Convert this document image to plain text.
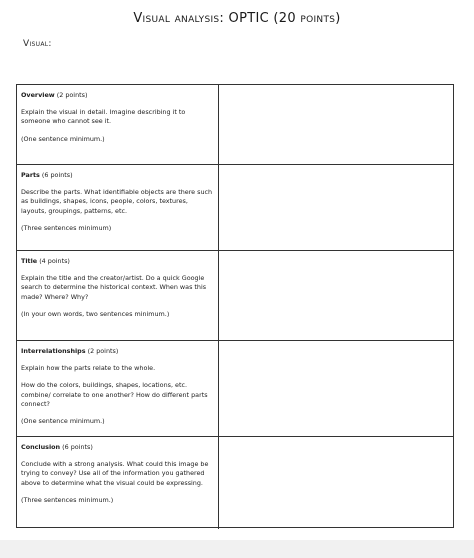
Visual analysis: OPTIC (20 points)
Visual:

Overview (2 points)

Explain the visual in detail. Imagine describing it to someone who cannot see it.

(One sentence minimum.)

Parts (6 points)

Describe the parts. What identifiable objects are there such as buildings, shapes, icons, people, colors, textures, layouts, groupings, patterns, etc.

(Three sentences minimum)

Title (4 points)

Explain the title and the creator/artist. Do a quick Google search to determine the historical context. When was this made? Where? Why?

(In your own words, two sentences minimum.)

Interrelationships (2 points)

Explain how the parts relate to the whole.

How do the colors, buildings, shapes, locations, etc. combine/ correlate to one another? How do different parts connect?

(One sentence minimum.)

Conclusion (6 points)

Conclude with a strong analysis. What could this image be trying to convey? Use all of the information you gathered above to determine what the visual could be expressing.

(Three sentences minimum.)
